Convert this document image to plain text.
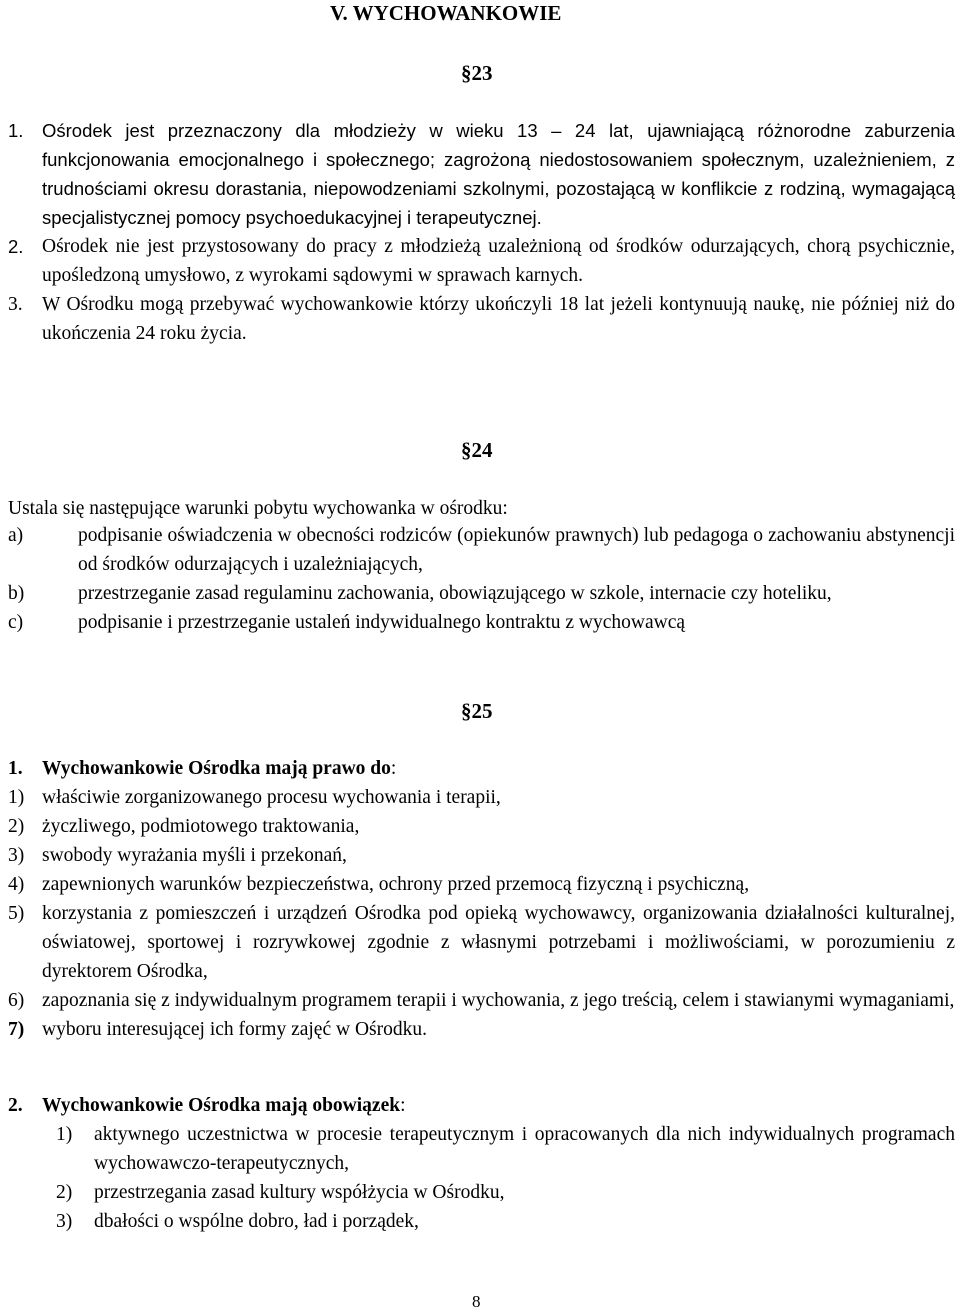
V. WYCHOWANKOWIE
§23
1.	Ośrodek jest przeznaczony dla młodzieży w wieku 13 – 24 lat, ujawniającą różnorodne zaburzenia funkcjonowania emocjonalnego i społecznego; zagrożoną niedostosowaniem społecznym, uzależnieniem, z trudnościami okresu dorastania, niepowodzeniami szkolnymi, pozostającą w konflikcie z rodziną, wymagającą specjalistycznej pomocy psychoedukacyjnej i terapeutycznej.
2. Ośrodek nie jest przystosowany do pracy z młodzieżą uzależnioną od środków odurzających, chorą psychicznie, upośledzoną umysłowo, z wyrokami sądowymi w sprawach karnych.
3. W Ośrodku mogą przebywać wychowankowie którzy ukończyli 18 lat jeżeli kontynuują naukę, nie później niż do ukończenia 24 roku życia.
§24
Ustala się następujące warunki pobytu wychowanka w ośrodku:
a)	podpisanie oświadczenia w obecności rodziców (opiekunów prawnych) lub pedagoga o zachowaniu abstynencji od środków odurzających i uzależniających,
b)	przestrzeganie zasad regulaminu zachowania, obowiązującego w szkole, internacie czy hoteliku,
c)	podpisanie i przestrzeganie ustaleń indywidualnego kontraktu z wychowawcą
§25
1. Wychowankowie Ośrodka mają prawo do:
1) właściwie zorganizowanego procesu wychowania i terapii,
2) życzliwego, podmiotowego traktowania,
3) swobody wyrażania myśli i przekonań,
4) zapewnionych warunków bezpieczeństwa, ochrony przed przemocą fizyczną i psychiczną,
5) korzystania z pomieszczeń i urządzeń Ośrodka pod opieką wychowawcy, organizowania działalności kulturalnej, oświatowej, sportowej i rozrywkowej zgodnie z własnymi potrzebami i możliwościami, w porozumieniu z dyrektorem Ośrodka,
6) zapoznania się z indywidualnym programem terapii i wychowania, z jego treścią, celem i stawianymi wymaganiami,
7) wyboru interesującej ich formy zajęć w Ośrodku.
2. Wychowankowie Ośrodka mają obowiązek:
1)	aktywnego uczestnictwa w procesie terapeutycznym i opracowanych dla nich indywidualnych programach wychowawczo-terapeutycznych,
2)	przestrzegania zasad kultury współżycia w Ośrodku,
3)	dbałości o wspólne dobro, ład i porządek,
8
